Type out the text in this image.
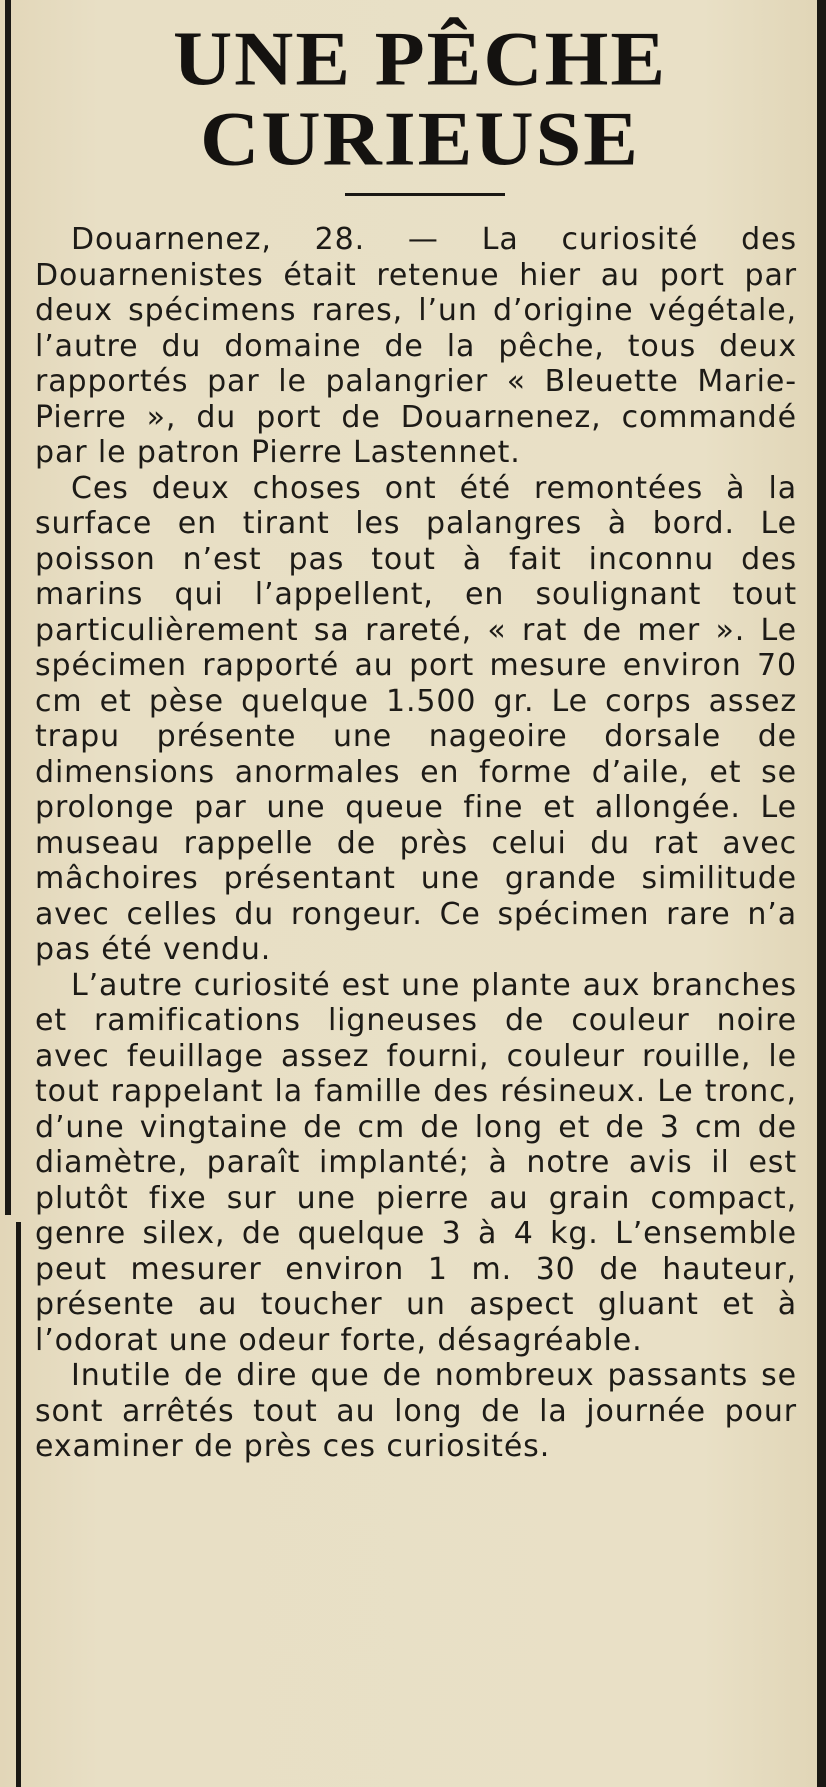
UNE PÊCHE
CURIEUSE

Douarnenez, 28. — La curiosité des Douarnenistes était retenue hier au port par deux spécimens rares, l’un d’origine végétale, l’autre du domaine de la pêche, tous deux rapportés par le palangrier « Bleuette Marie-Pierre », du port de Douarnenez, commandé par le patron Pierre Lastennet.

Ces deux choses ont été remontées à la surface en tirant les palangres à bord. Le poisson n’est pas tout à fait inconnu des marins qui l’appellent, en soulignant tout particulièrement sa rareté, « rat de mer ». Le spécimen rapporté au port mesure environ 70 cm et pèse quelque 1.500 gr. Le corps assez trapu présente une nageoire dorsale de dimensions anormales en forme d’aile, et se prolonge par une queue fine et allongée. Le museau rappelle de près celui du rat avec mâchoires présentant une grande similitude avec celles du rongeur. Ce spécimen rare n’a pas été vendu.

L’autre curiosité est une plante aux branches et ramifications ligneuses de couleur noire avec feuillage assez fourni, couleur rouille, le tout rappelant la famille des résineux. Le tronc, d’une vingtaine de cm de long et de 3 cm de diamètre, paraît implanté; à notre avis il est plutôt fixe sur une pierre au grain compact, genre silex, de quelque 3 à 4 kg. L’ensemble peut mesurer environ 1 m. 30 de hauteur, présente au toucher un aspect gluant et à l’odorat une odeur forte, désagréable.

Inutile de dire que de nombreux passants se sont arrêtés tout au long de la journée pour examiner de près ces curiosités.
